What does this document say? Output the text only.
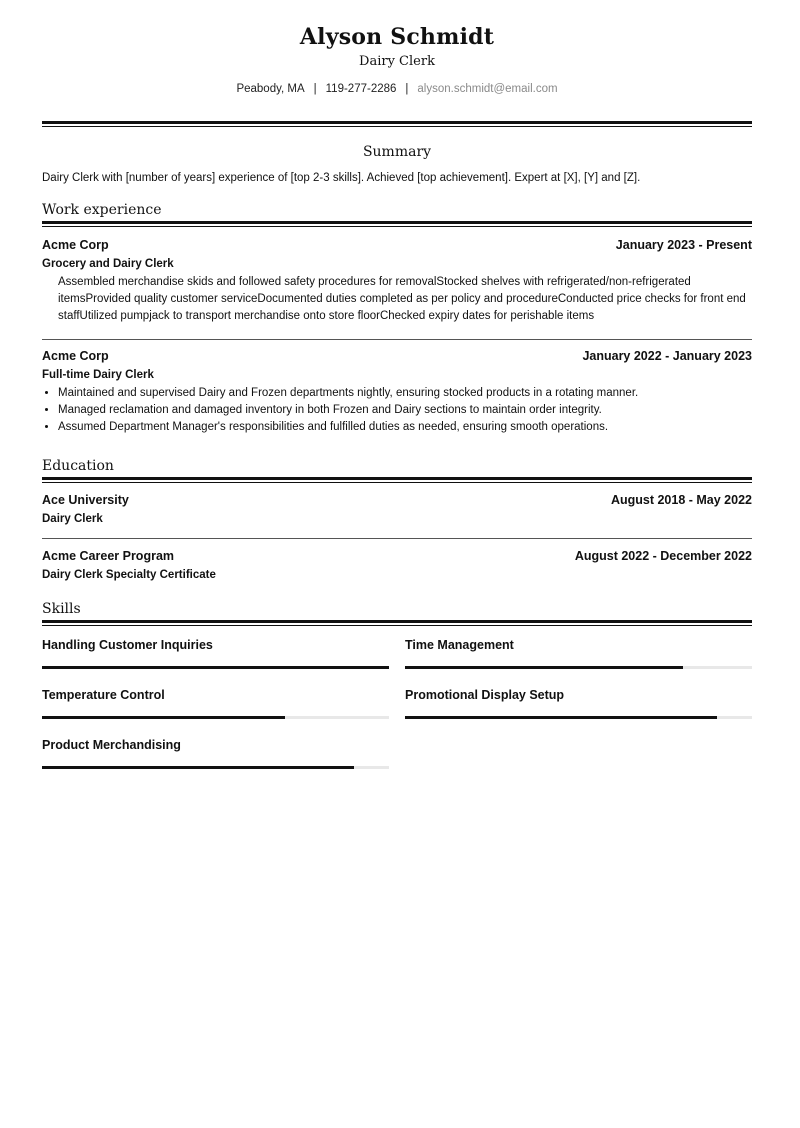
Alyson Schmidt
Dairy Clerk
Peabody, MA | 119-277-2286 | alyson.schmidt@email.com
Summary
Dairy Clerk with [number of years] experience of [top 2-3 skills]. Achieved [top achievement]. Expert at [X], [Y] and [Z].
Work experience
Acme Corp	January 2023 - Present
Grocery and Dairy Clerk
Assembled merchandise skids and followed safety procedures for removalStocked shelves with refrigerated/non-refrigerated itemsProvided quality customer serviceDocumented duties completed as per policy and procedureConducted price checks for front end staffUtilized pumpjack to transport merchandise onto store floorChecked expiry dates for perishable items
Acme Corp	January 2022 - January 2023
Full-time Dairy Clerk
• Maintained and supervised Dairy and Frozen departments nightly, ensuring stocked products in a rotating manner.
• Managed reclamation and damaged inventory in both Frozen and Dairy sections to maintain order integrity.
• Assumed Department Manager's responsibilities and fulfilled duties as needed, ensuring smooth operations.
Education
Ace University	August 2018 - May 2022
Dairy Clerk
Acme Career Program	August 2022 - December 2022
Dairy Clerk Specialty Certificate
Skills
Handling Customer Inquiries	Time Management
Temperature Control	Promotional Display Setup
Product Merchandising
